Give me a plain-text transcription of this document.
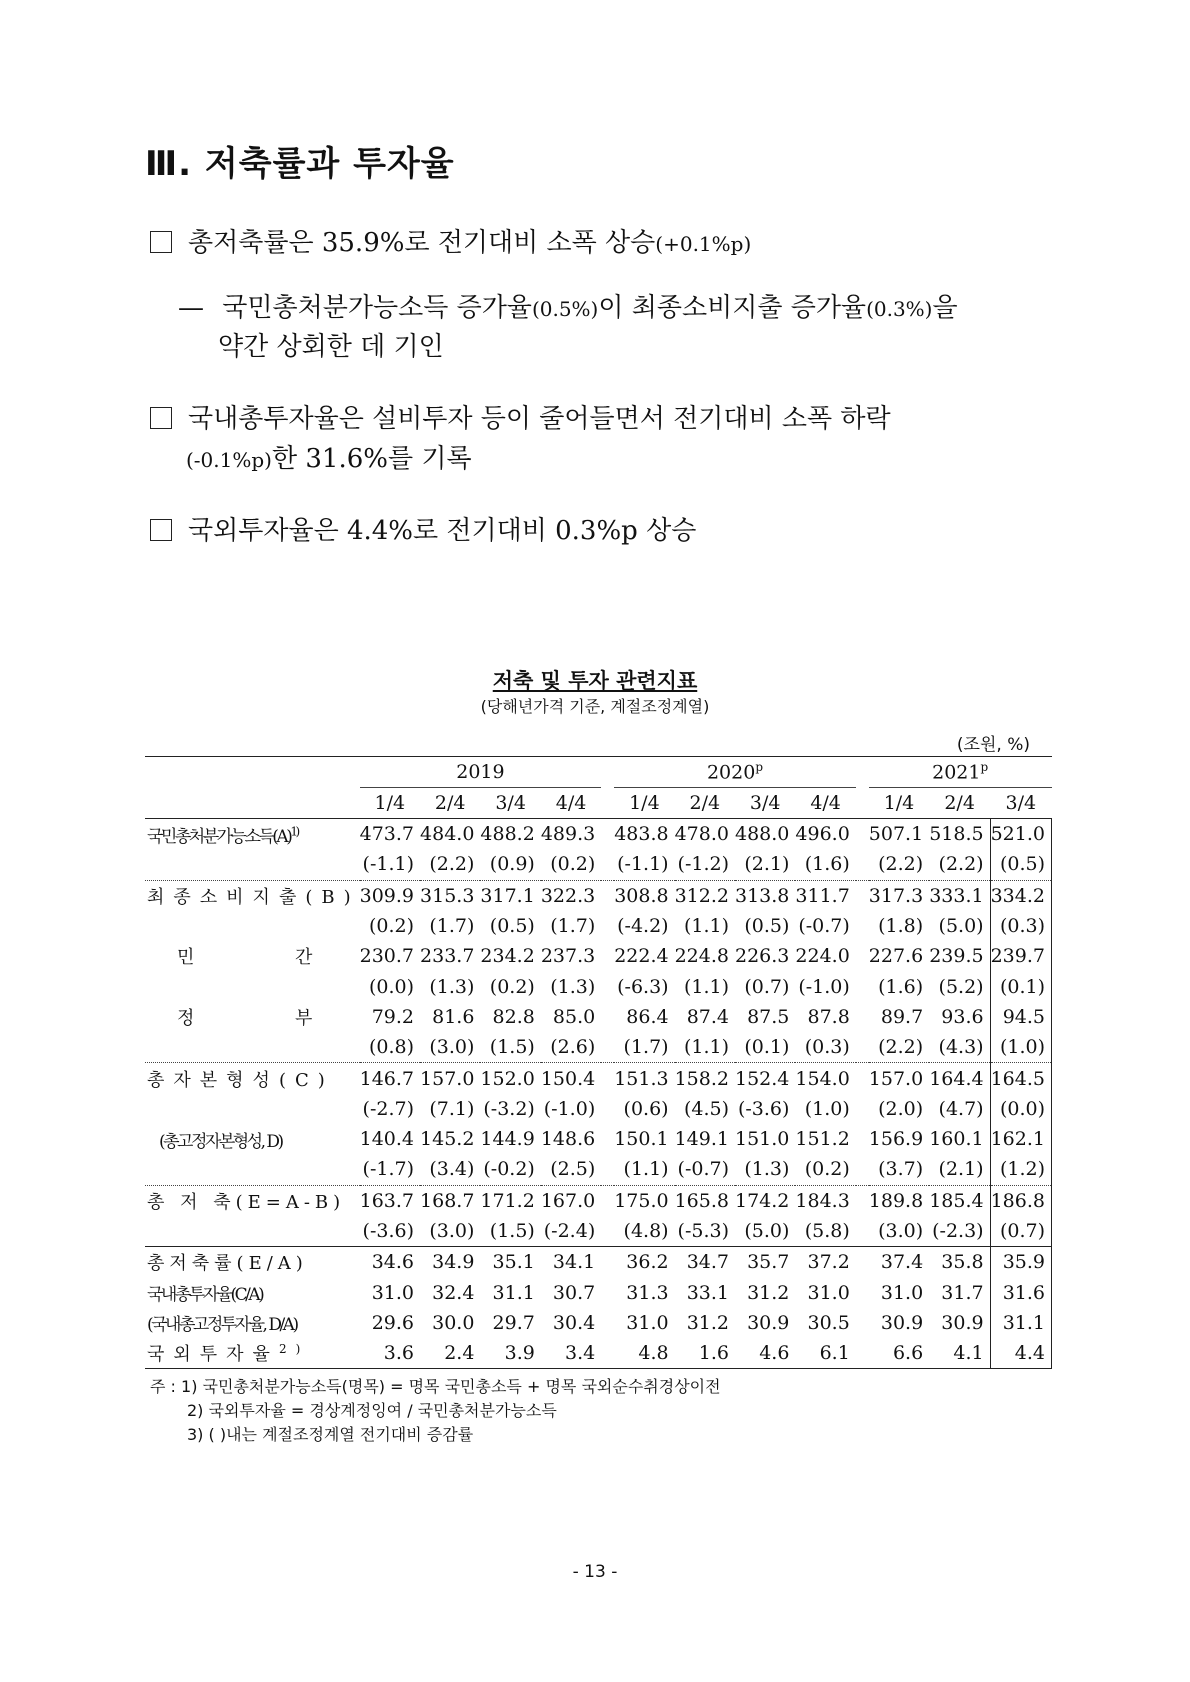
Ⅲ. 저축률과 투자율
총저축률은 35.9%로 전기대비 소폭 상승(+0.1%p)
— 국민총처분가능소득 증가율(0.5%)이 최종소비지출 증가율(0.3%)을
약간 상회한 데 기인
국내총투자율은 설비투자 등이 줄어들면서 전기대비 소폭 하락
(-0.1%p)한 31.6%를 기록
국외투자율은 4.4%로 전기대비 0.3%p 상승
저축 및 투자 관련지표
(당해년가격 기준, 계절조정계열)
(조원, %)
	2019					2020$^p$					2021$^p$
	1/4	2/4	3/4	4/4		1/4	2/4	3/4	4/4		1/4	2/4	3/4
국민총처분가능소득$(A)^{1)}$	473.7	484.0	488.2	489.3		483.8	478.0	488.0	496.0		507.1	518.5	521.0
	(-1.1)	(2.2)	(0.9)	(0.2)		(-1.1)	(-1.2)	(2.1)	(1.6)		(2.2)	(2.2)	(0.5)
최종소비지출(B)	309.9	315.3	317.1	322.3		308.8	312.2	313.8	311.7		317.3	333.1	334.2
	(0.2)	(1.7)	(0.5)	(1.7)		(-4.2)	(1.1)	(0.5)	(-0.7)		(1.8)	(5.0)	(0.3)
민 간	230.7	233.7	234.2	237.3		222.4	224.8	226.3	224.0		227.6	239.5	239.7
	(0.0)	(1.3)	(0.2)	(1.3)		(-6.3)	(1.1)	(0.7)	(-1.0)		(1.6)	(5.2)	(0.1)
정 부	79.2	81.6	82.8	85.0		86.4	87.4	87.5	87.8		89.7	93.6	94.5
	(0.8)	(3.0)	(1.5)	(2.6)		(1.7)	(1.1)	(0.1)	(0.3)		(2.2)	(4.3)	(1.0)
총자본형성(C)	146.7	157.0	152.0	150.4		151.3	158.2	152.4	154.0		157.0	164.4	164.5
	(-2.7)	(7.1)	(-3.2)	(-1.0)		(0.6)	(4.5)	(-3.6)	(1.0)		(2.0)	(4.7)	(0.0)
(총고정자본형성, D)	140.4	145.2	144.9	148.6		150.1	149.1	151.0	151.2		156.9	160.1	162.1
	(-1.7)	(3.4)	(-0.2)	(2.5)		(1.1)	(-0.7)	(1.3)	(0.2)		(3.7)	(2.1)	(1.2)
총 저 축(E=A-B)	163.7	168.7	171.2	167.0		175.0	165.8	174.2	184.3		189.8	185.4	186.8
	(-3.6)	(3.0)	(1.5)	(-2.4)		(4.8)	(-5.3)	(5.0)	(5.8)		(3.0)	(-2.3)	(0.7)
총저축률(E/A)	34.6	34.9	35.1	34.1		36.2	34.7	35.7	37.2		37.4	35.8	35.9
국내총투자율(C/A)	31.0	32.4	31.1	30.7		31.3	33.1	31.2	31.0		31.0	31.7	31.6
(국내총고정투자율, D/A)	29.6	30.0	29.7	30.4		31.0	31.2	30.9	30.5		30.9	30.9	31.1
국외투자율$^{2)}$	3.6	2.4	3.9	3.4		4.8	1.6	4.6	6.1		6.6	4.1	4.4
주 : 1) 국민총처분가능소득(명목) = 명목 국민총소득 + 명목 국외순수취경상이전
2) 국외투자율 = 경상계정잉여 / 국민총처분가능소득
3) ( )내는 계절조정계열 전기대비 증감률
- 13 -
